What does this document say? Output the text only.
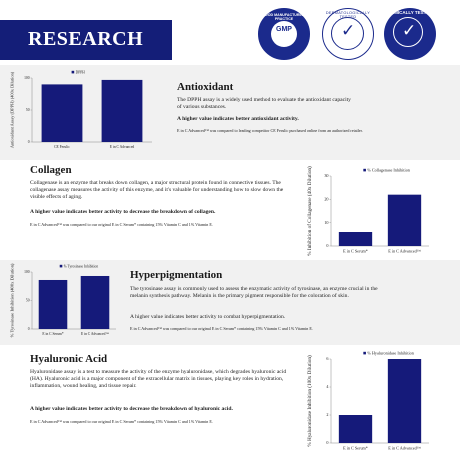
RESEARCH
GOOD MANUFACTURING PRACTICE
GMP
DERMATOLOGICALLY TESTED
✓
CLINICALLY TESTED
✓
0
50
100
CE Ferulic	E in C Advanced
DPPH
Antioxidant Assay (DPPH) (400x Dilution)	Antioxidant
The DPPH assay is a widely used method to evaluate the antioxidant capacity of various substances.
A higher value indicates better antioxidant activity.
E in C Advanced™ was compared to leading competitor CE Ferulic purchased online from an authorized retailer.
Collagen
Collagenase is an enzyme that breaks down collagen, a major structural protein found in connective tissues. The collagenase assay measures the activity of this enzyme, and it's valuable for understanding how to slow down the visible effects of aging.
A higher value indicates better activity to decrease the breakdown of collagen.
E in C Advanced™ was compared to our original E in C Serum* containing 15% Vitamin C and 1% Vitamin E.
0
10
20
30
E in C Serum*	E in C Advanced™
% Collagenase Inhibition
% Inhibition of Collagenase (40x Dilution)
0
50
100
E in C Serum*	E in C Advanced™
% Tyrosinase Inhibition
% Tyrosinase Inhibition (400x Dilution)	Hyperpigmentation
The tyrosinase assay is commonly used to assess the enzymatic activity of tyrosinase, an enzyme crucial in the melanin synthesis pathway. Melanin is the primary pigment responsible for the coloration of skin.
A higher value indicates better activity to combat hyperpigmentation.
E in C Advanced™ was compared to our original E in C Serum* containing 15% Vitamin C and 1% Vitamin E.
Hyaluronic Acid
Hyaluronidase assay is a test to measure the activity of the enzyme hyaluronidase, which degrades hyaluronic acid (HA). Hyaluronic acid is a major component of the extracellular matrix in tissues, playing key roles in hydration, inflammation, wound healing, and tissue repair.
A higher value indicates better activity to decrease the breakdown of hyaluronic acid.
E in C Advanced™ was compared to our original E in C Serum* containing 15% Vitamin C and 1% Vitamin E.
0
2
4
6
E in C Serum*	E in C Advanced™
% Hyaluronidase Inhibition
% Hyaluronidase Inhibition (100x Dilution)
